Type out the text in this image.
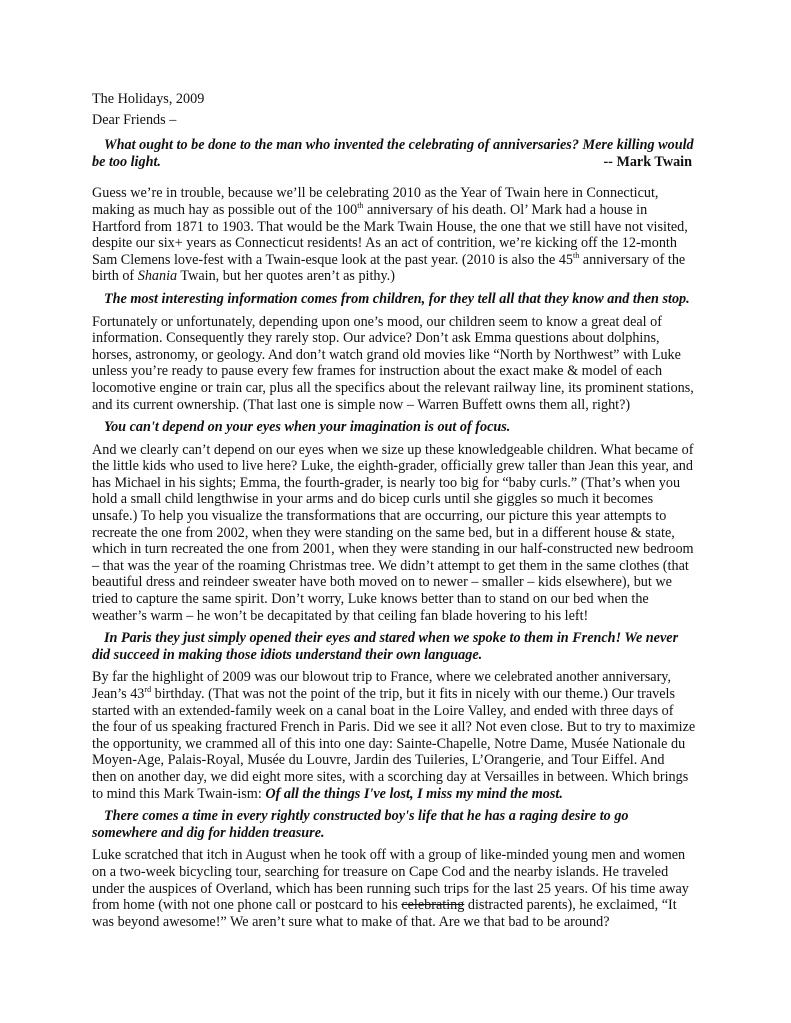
The Holidays, 2009
Dear Friends –
What ought to be done to the man who invented the celebrating of anniversaries? Mere killing would
be too light.	-- Mark Twain
Guess we’re in trouble, because we’ll be celebrating 2010 as the Year of Twain here in Connecticut,
making as much hay as possible out of the 100th anniversary of his death. Ol’ Mark had a house in
Hartford from 1871 to 1903. That would be the Mark Twain House, the one that we still have not visited,
despite our six+ years as Connecticut residents! As an act of contrition, we’re kicking off the 12-month
Sam Clemens love-fest with a Twain-esque look at the past year. (2010 is also the 45th anniversary of the
birth of Shania Twain, but her quotes aren’t as pithy.)
The most interesting information comes from children, for they tell all that they know and then stop.
Fortunately or unfortunately, depending upon one’s mood, our children seem to know a great deal of
information. Consequently they rarely stop. Our advice? Don’t ask Emma questions about dolphins,
horses, astronomy, or geology. And don’t watch grand old movies like “North by Northwest” with Luke
unless you’re ready to pause every few frames for instruction about the exact make & model of each
locomotive engine or train car, plus all the specifics about the relevant railway line, its prominent stations,
and its current ownership. (That last one is simple now – Warren Buffett owns them all, right?)
You can't depend on your eyes when your imagination is out of focus.
And we clearly can’t depend on our eyes when we size up these knowledgeable children. What became of
the little kids who used to live here? Luke, the eighth-grader, officially grew taller than Jean this year, and
has Michael in his sights; Emma, the fourth-grader, is nearly too big for “baby curls.” (That’s when you
hold a small child lengthwise in your arms and do bicep curls until she giggles so much it becomes
unsafe.) To help you visualize the transformations that are occurring, our picture this year attempts to
recreate the one from 2002, when they were standing on the same bed, but in a different house & state,
which in turn recreated the one from 2001, when they were standing in our half-constructed new bedroom
– that was the year of the roaming Christmas tree. We didn’t attempt to get them in the same clothes (that
beautiful dress and reindeer sweater have both moved on to newer – smaller – kids elsewhere), but we
tried to capture the same spirit. Don’t worry, Luke knows better than to stand on our bed when the
weather’s warm – he won’t be decapitated by that ceiling fan blade hovering to his left!
In Paris they just simply opened their eyes and stared when we spoke to them in French! We never
did succeed in making those idiots understand their own language.
By far the highlight of 2009 was our blowout trip to France, where we celebrated another anniversary,
Jean’s 43rd birthday. (That was not the point of the trip, but it fits in nicely with our theme.) Our travels
started with an extended-family week on a canal boat in the Loire Valley, and ended with three days of
the four of us speaking fractured French in Paris. Did we see it all? Not even close. But to try to maximize
the opportunity, we crammed all of this into one day: Sainte-Chapelle, Notre Dame, Musée Nationale du
Moyen-Age, Palais-Royal, Musée du Louvre, Jardin des Tuileries, L’Orangerie, and Tour Eiffel. And
then on another day, we did eight more sites, with a scorching day at Versailles in between. Which brings
to mind this Mark Twain-ism: Of all the things I've lost, I miss my mind the most.
There comes a time in every rightly constructed boy's life that he has a raging desire to go
somewhere and dig for hidden treasure.
Luke scratched that itch in August when he took off with a group of like-minded young men and women
on a two-week bicycling tour, searching for treasure on Cape Cod and the nearby islands. He traveled
under the auspices of Overland, which has been running such trips for the last 25 years. Of his time away
from home (with not one phone call or postcard to his celebrating distracted parents), he exclaimed, “It
was beyond awesome!” We aren’t sure what to make of that. Are we that bad to be around?
